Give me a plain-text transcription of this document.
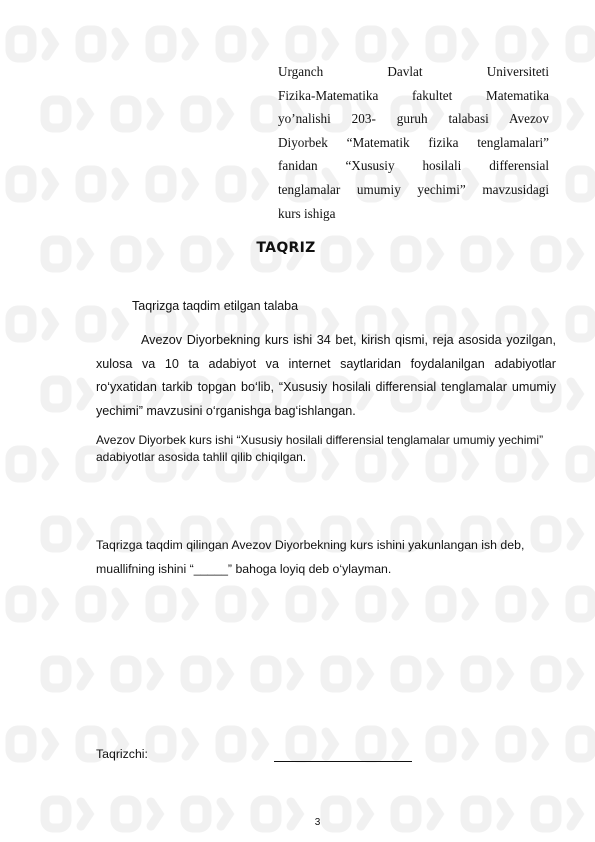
Urganch Davlat Universiteti
Fizika-Matematika fakultet Matematika
yo’nalishi 203- guruh talabasi Avezov
Diyorbek “Matematik fizika tenglamalari”
fanidan “Xususiy hosilali differensial
tenglamalar umumiy yechimi” mavzusidagi
kurs ishiga
TAQRIZ
Taqrizga taqdim etilgan talaba
Avezov Diyorbekning kurs ishi 34 bet, kirish qismi, reja asosida yozilgan, xulosa va 10 ta adabiyot va internet saytlaridan foydalanilgan adabiyotlar ro‘yxatidan tarkib topgan bo‘lib, “Xususiy hosilali differensial tenglamalar umumiy yechimi” mavzusini o‘rganishga bag‘ishlangan.
Avezov Diyorbek kurs ishi “Xususiy hosilali differensial tenglamalar umumiy yechimi” adabiyotlar asosida tahlil qilib chiqilgan.
Taqrizga taqdim qilingan Avezov Diyorbekning kurs ishini yakunlangan ish deb, muallifning ishini “_____” bahoga loyiq deb o‘ylayman.
Taqrizchi:
3
